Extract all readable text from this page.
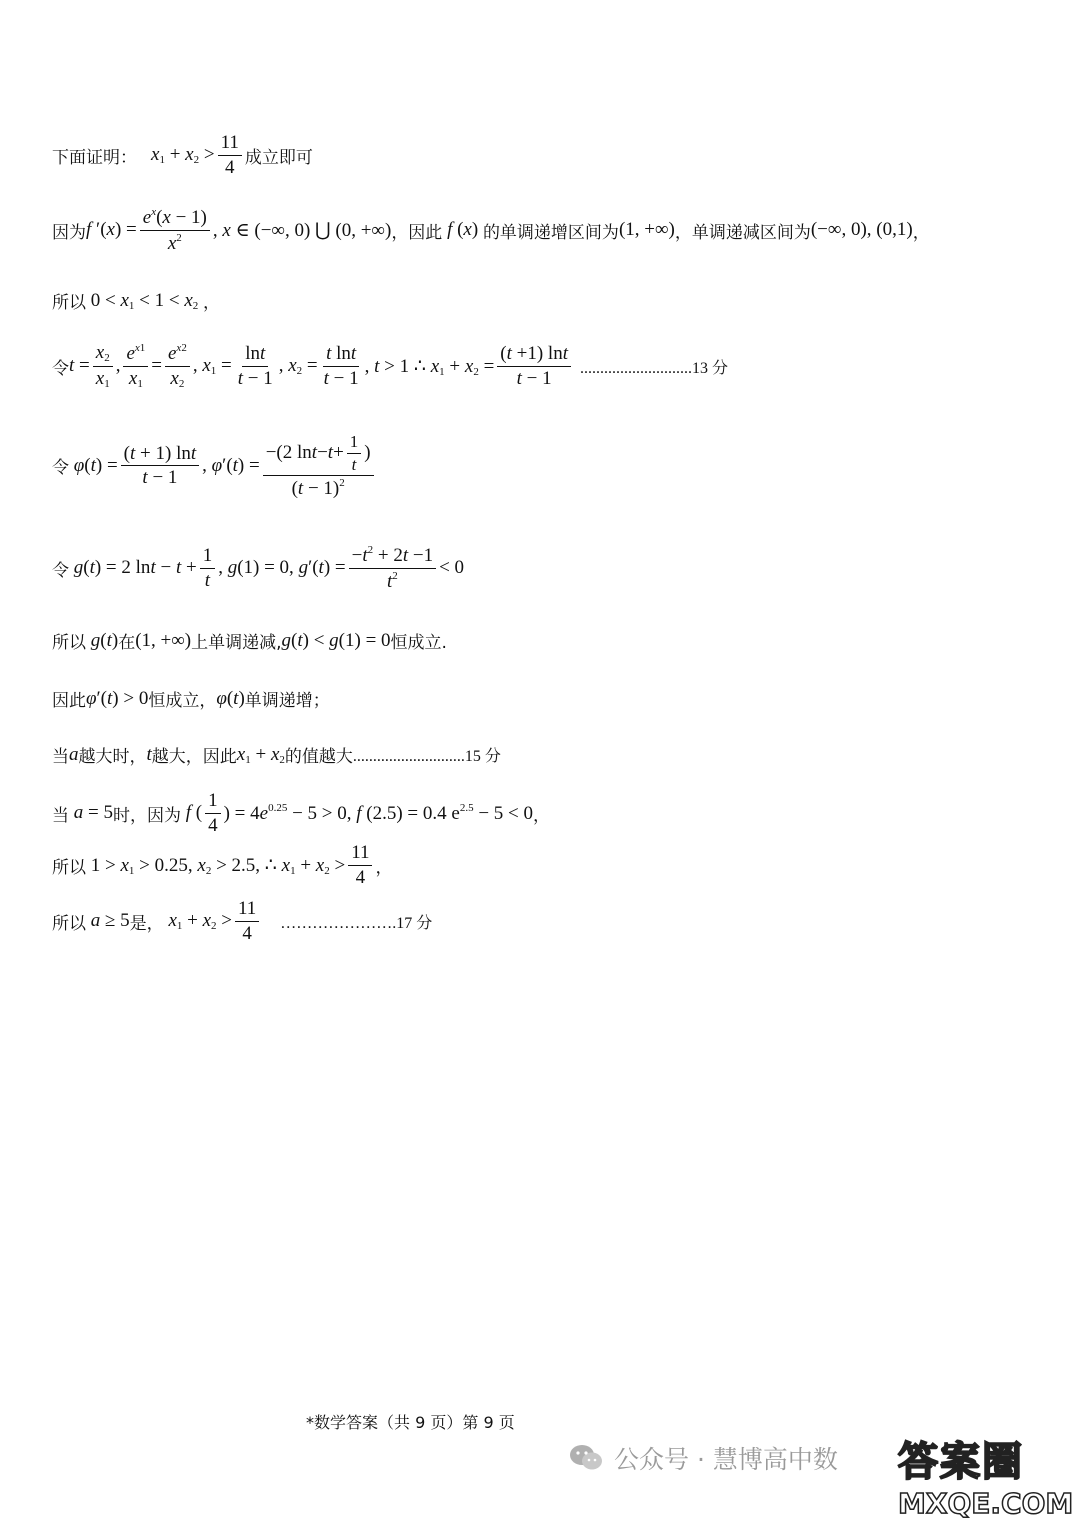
下面证明： $x_1 + x_2 > \frac{11}{4}$ 成立即可
因为 f $'(x) = \frac{e^x(x - 1)}{x^2}$ , x ∈ (−∞, 0) ⋃ (0, +∞) ，因此 f (x) 的单调递增区间为 (1, +∞) ，单调递减区间为 (−∞, 0), (0,1) ，
所以 $0 < x_1 < 1 < x_2$ ，
令 $t = \frac{x_2}{x_1}$ , $\frac{e^{x1}}{x_1} = \frac{e^{x2}}{x_2}$ , $x_1 = \frac{\ln t}{t - 1}$ , $x_2 = \frac{\text{t lnt}}{t - 1}$ , t > 1 ∴ $x_1 + x_2 = \frac{(t +1) \ln t}{t - 1} ............................13$ 分
令 $\varphi(t) = \frac{(t + 1) \ln t}{t - 1}$ , $\varphi'(t) = \frac{-(2 \ln t - t + \frac{1}{t} )}{(t - 1)^2}$
令 g(t) = 2 $\ln t - t + \frac{1}{t}$ , g(1) = 0, $g'(t) = \frac{-t^2 + 2t -1}{t^2} < 0$
所以 g(t) 在 (1, +∞) 上单调递减, g(t) < g(1) = 0 恒成立.
因此 φ′(t) > 0 恒成立， φ(t) 单调递增；
当 a 越大时， t 越大，因此 $x_1 + x_2$ 的值越大 ............................15 分
当 a = 5 时，因为 f ( $\frac{1}{4}$ ) = $4e^{0.25} - 5 > 0$, f (2.5) = 0.4 $e^{2.5} - 5 < 0$ ，
所以 $1 > x_1 > 0.25$, $x_2 > 2.5$, ∴ $x_1 + x_2 > \frac{11}{4}$ ，
所以 a ≥ 5 是， $x_1 + x_2 > \frac{11}{4}$ ………………….17 分
*数学答案（共 9 页）第 9 页
公众号 · 慧博高中数 答案圈
MXQE.COM
